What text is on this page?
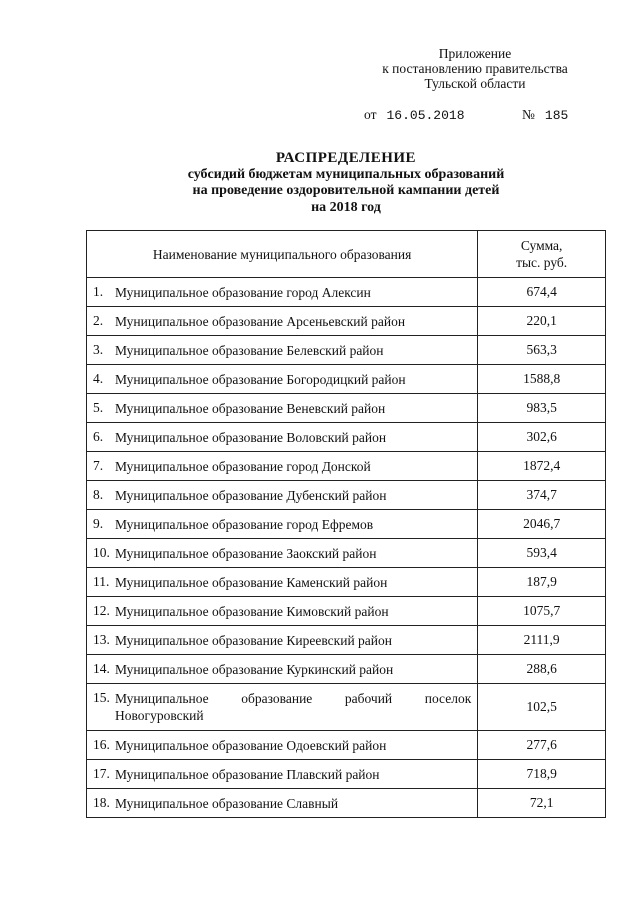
Приложение
к постановлению правительства
Тульской области
от 16.05.2018	№ 185
РАСПРЕДЕЛЕНИЕ
субсидий бюджетам муниципальных образований
на проведение оздоровительной кампании детей
на 2018 год
Наименование муниципального образования	Сумма,
тыс. руб.

1. Муниципальное образование город Алексин	674,4

2. Муниципальное образование Арсеньевский район	220,1

3. Муниципальное образование Белевский район	563,3

4. Муниципальное образование Богородицкий район	1588,8

5. Муниципальное образование Веневский район	983,5

6. Муниципальное образование Воловский район	302,6

7. Муниципальное образование город Донской	1872,4

8. Муниципальное образование Дубенский район	374,7

9. Муниципальное образование город Ефремов	2046,7

10. Муниципальное образование Заокский район	593,4

11. Муниципальное образование Каменский район	187,9

12. Муниципальное образование Кимовский район	1075,7

13. Муниципальное образование Киреевский район	2111,9

14. Муниципальное образование Куркинский район	288,6

15. Муниципальное образование рабочий поселок Новогуровский	102,5

16. Муниципальное образование Одоевский район	277,6

17. Муниципальное образование Плавский район	718,9

18. Муниципальное образование Славный	72,1
